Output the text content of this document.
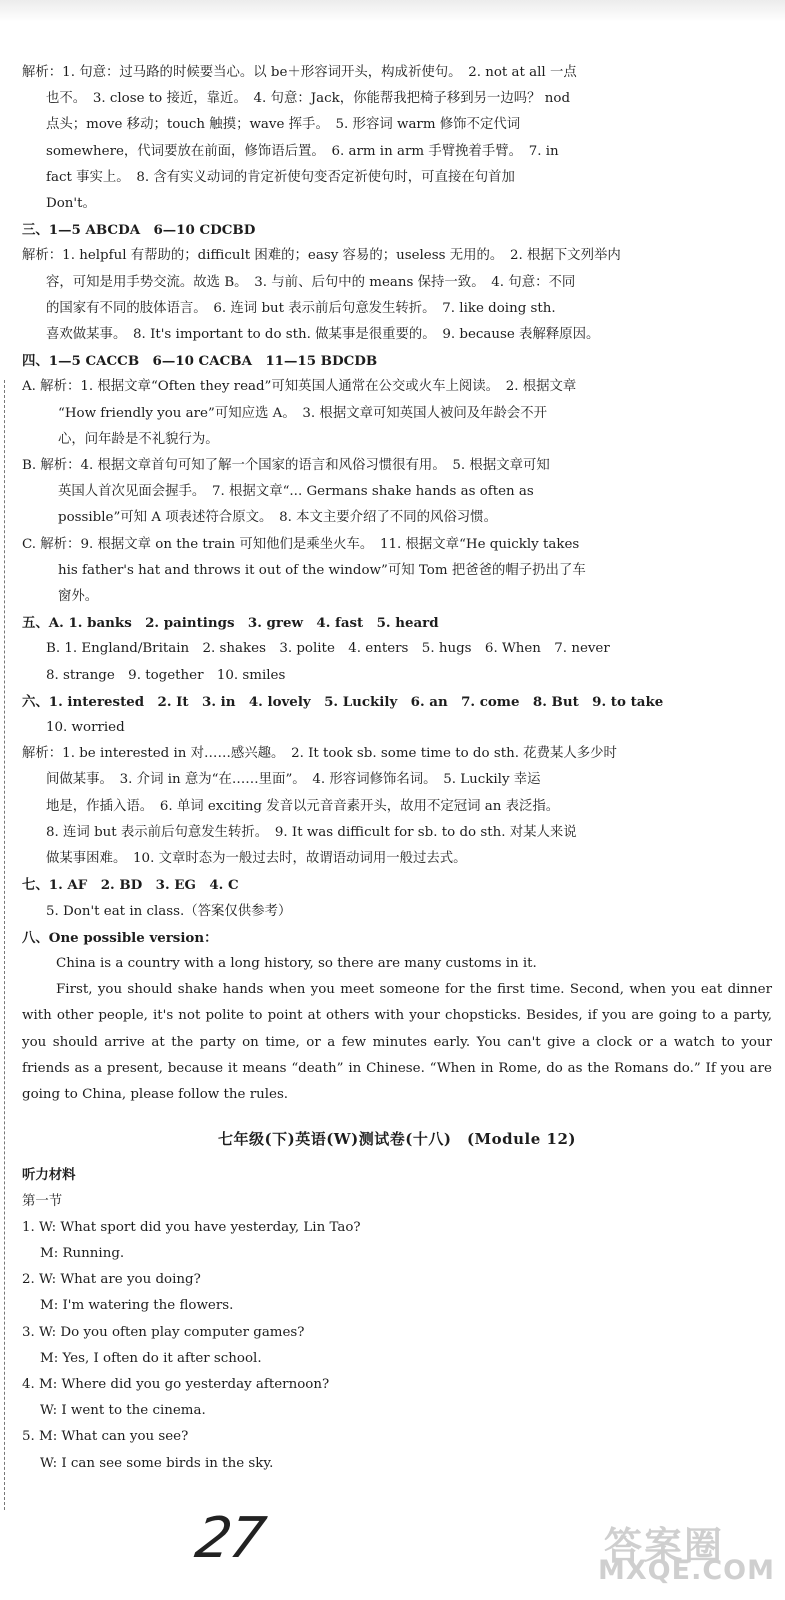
解析：1. 句意：过马路的时候要当心。以 be＋形容词开头，构成祈使句。　2. not at all 一点

也不。　3. close to 接近，靠近。　4. 句意：Jack，你能帮我把椅子移到另一边吗？ nod

点头；move 移动；touch 触摸；wave 挥手。　5. 形容词 warm 修饰不定代词

somewhere，代词要放在前面，修饰语后置。　6. arm in arm 手臂挽着手臂。　7. in

fact 事实上。　8. 含有实义动词的肯定祈使句变否定祈使句时，可直接在句首加

Don't。

三、1—5 ABCDA　6—10 CDCBD

解析：1. helpful 有帮助的；difficult 困难的；easy 容易的；useless 无用的。　2. 根据下文列举内

容，可知是用手势交流。故选 B。　3. 与前、后句中的 means 保持一致。　4. 句意：不同

的国家有不同的肢体语言。　6. 连词 but 表示前后句意发生转折。　7. like doing sth.

喜欢做某事。　8. It's important to do sth. 做某事是很重要的。　9. because 表解释原因。

四、1—5 CACCB　6—10 CACBA　11—15 BDCDB

A. 解析：1. 根据文章“Often they read”可知英国人通常在公交或火车上阅读。　2. 根据文章

“How friendly you are”可知应选 A。　3. 根据文章可知英国人被问及年龄会不开

心，问年龄是不礼貌行为。

B. 解析：4. 根据文章首句可知了解一个国家的语言和风俗习惯很有用。　5. 根据文章可知

英国人首次见面会握手。　7. 根据文章“... Germans shake hands as often as

possible”可知 A 项表述符合原文。　8. 本文主要介绍了不同的风俗习惯。

C. 解析：9. 根据文章 on the train 可知他们是乘坐火车。　11. 根据文章“He quickly takes

his father's hat and throws it out of the window”可知 Tom 把爸爸的帽子扔出了车

窗外。

五、A. 1. banks　2. paintings　3. grew　4. fast　5. heard

B. 1. England/Britain　2. shakes　3. polite　4. enters　5. hugs　6. When　7. never

8. strange　9. together　10. smiles

六、1. interested　2. It　3. in　4. lovely　5. Luckily　6. an　7. come　8. But　9. to take

10. worried

解析：1. be interested in 对……感兴趣。　2. It took sb. some time to do sth. 花费某人多少时

间做某事。　3. 介词 in 意为“在……里面”。　4. 形容词修饰名词。　5. Luckily 幸运

地是，作插入语。　6. 单词 exciting 发音以元音音素开头，故用不定冠词 an 表泛指。

8. 连词 but 表示前后句意发生转折。　9. It was difficult for sb. to do sth. 对某人来说

做某事困难。　10. 文章时态为一般过去时，故谓语动词用一般过去式。

七、1. AF　2. BD　3. EG　4. C

5. Don't eat in class.（答案仅供参考）

八、One possible version：

China is a country with a long history, so there are many customs in it.

First, you should shake hands when you meet someone for the first time. Second, when you eat dinner with other people, it's not polite to point at others with your chopsticks. Besides, if you are going to a party, you should arrive at the party on time, or a few minutes early. You can't give a clock or a watch to your friends as a present, because it means “death” in Chinese. “When in Rome, do as the Romans do.” If you are going to China, please follow the rules.

七年级(下)英语(W)测试卷(十八)　(Module 12)

听力材料

第一节

1. W: What sport did you have yesterday, Lin Tao?

M: Running.

2. W: What are you doing?

M: I'm watering the flowers.

3. W: Do you often play computer games?

M: Yes, I often do it after school.

4. M: Where did you go yesterday afternoon?

W: I went to the cinema.

5. M: What can you see?

W: I can see some birds in the sky.

27	答案圈
MXQE.COM
